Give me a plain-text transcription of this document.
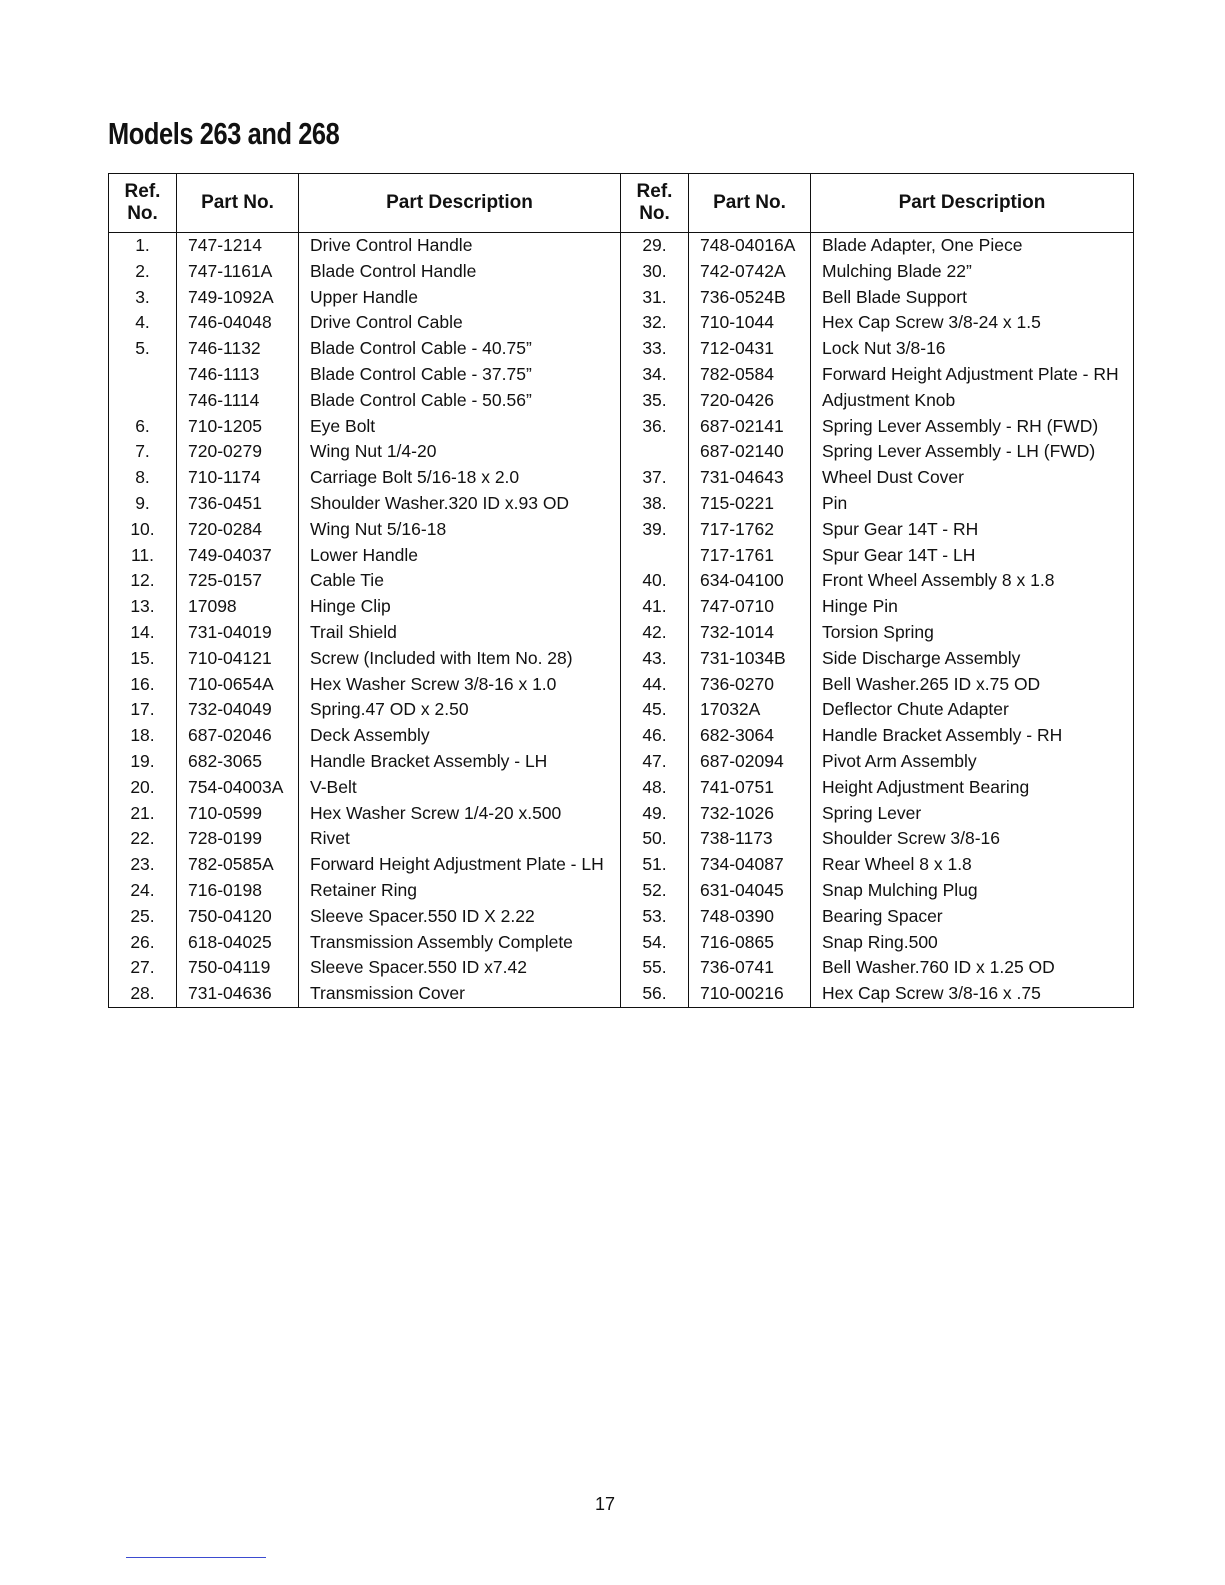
Models 263 and 268
Ref.
No.	Part No.	Part Description	Ref.
No.	Part No.	Part Description
1.	747-1214	Drive Control Handle	29.	748-04016A	Blade Adapter, One Piece
2.	747-1161A	Blade Control Handle	30.	742-0742A	Mulching Blade 22”
3.	749-1092A	Upper Handle	31.	736-0524B	Bell Blade Support
4.	746-04048	Drive Control Cable	32.	710-1044	Hex Cap Screw 3/8-24 x 1.5
5.	746-1132	Blade Control Cable - 40.75”	33.	712-0431	Lock Nut 3/8-16
	746-1113	Blade Control Cable - 37.75”	34.	782-0584	Forward Height Adjustment Plate - RH
	746-1114	Blade Control Cable - 50.56”	35.	720-0426	Adjustment Knob
6.	710-1205	Eye Bolt	36.	687-02141	Spring Lever Assembly - RH (FWD)
7.	720-0279	Wing Nut 1/4-20		687-02140	Spring Lever Assembly - LH (FWD)
8.	710-1174	Carriage Bolt 5/16-18 x 2.0	37.	731-04643	Wheel Dust Cover
9.	736-0451	Shoulder Washer.320 ID x.93 OD	38.	715-0221	Pin
10.	720-0284	Wing Nut 5/16-18	39.	717-1762	Spur Gear 14T - RH
11.	749-04037	Lower Handle		717-1761	Spur Gear 14T - LH
12.	725-0157	Cable Tie	40.	634-04100	Front Wheel Assembly 8 x 1.8
13.	17098	Hinge Clip	41.	747-0710	Hinge Pin
14.	731-04019	Trail Shield	42.	732-1014	Torsion Spring
15.	710-04121	Screw (Included with Item No. 28)	43.	731-1034B	Side Discharge Assembly
16.	710-0654A	Hex Washer Screw 3/8-16 x 1.0	44.	736-0270	Bell Washer.265 ID x.75 OD
17.	732-04049	Spring.47 OD x 2.50	45.	17032A	Deflector Chute Adapter
18.	687-02046	Deck Assembly	46.	682-3064	Handle Bracket Assembly - RH
19.	682-3065	Handle Bracket Assembly - LH	47.	687-02094	Pivot Arm Assembly
20.	754-04003A	V-Belt	48.	741-0751	Height Adjustment Bearing
21.	710-0599	Hex Washer Screw 1/4-20 x.500	49.	732-1026	Spring Lever
22.	728-0199	Rivet	50.	738-1173	Shoulder Screw 3/8-16
23.	782-0585A	Forward Height Adjustment Plate - LH	51.	734-04087	Rear Wheel 8 x 1.8
24.	716-0198	Retainer Ring	52.	631-04045	Snap Mulching Plug
25.	750-04120	Sleeve Spacer.550 ID X 2.22	53.	748-0390	Bearing Spacer
26.	618-04025	Transmission Assembly Complete	54.	716-0865	Snap Ring.500
27.	750-04119	Sleeve Spacer.550 ID x7.42	55.	736-0741	Bell Washer.760 ID x 1.25 OD
28.	731-04636	Transmission Cover	56.	710-00216	Hex Cap Screw 3/8-16 x .75
17
